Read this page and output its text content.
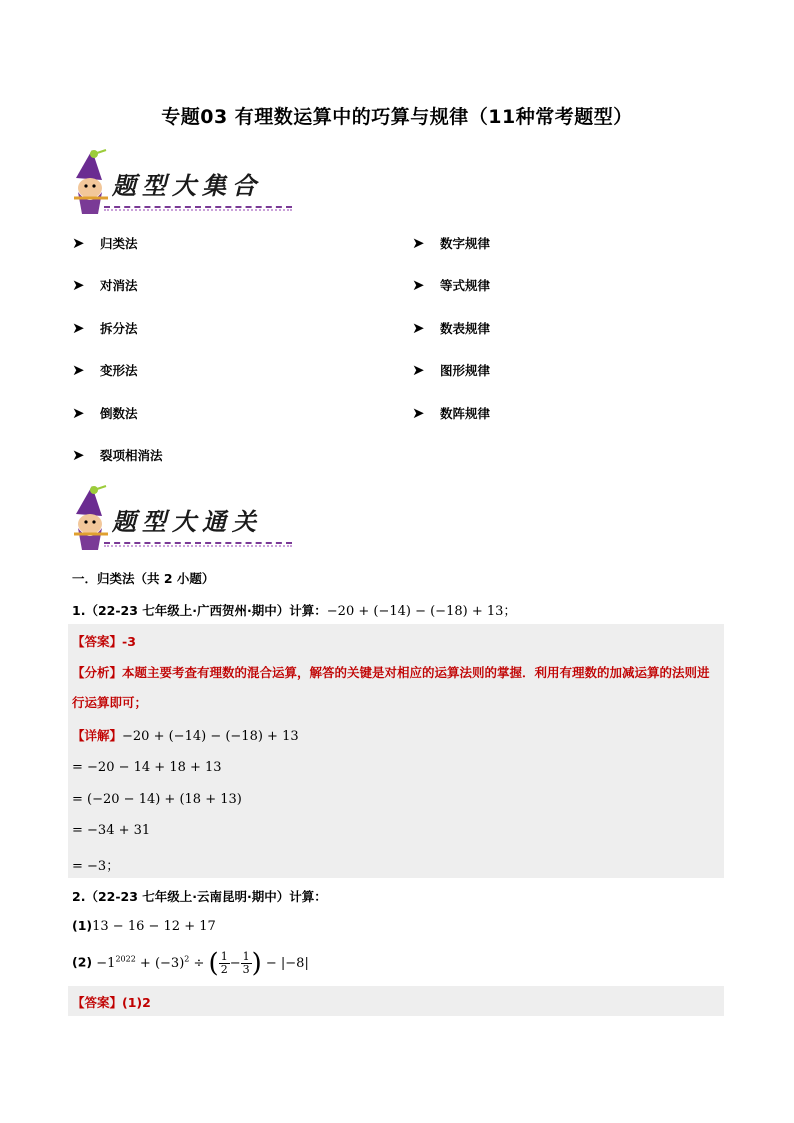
专题03 有理数运算中的巧算与规律（11种常考题型）
题型大集合
➤	归类法
➤	对消法
➤	拆分法
➤	变形法
➤	倒数法
➤	裂项相消法
➤	数字规律
➤	等式规律
➤	数表规律
➤	图形规律
➤	数阵规律
题型大通关
一．归类法（共 2 小题）
1.（22-23 七年级上·广西贺州·期中）计算：−20 + (−14) − (−18) + 13；
【答案】-3
【分析】本题主要考查有理数的混合运算，解答的关键是对相应的运算法则的掌握．利用有理数的加减运算的法则进行运算即可；
【详解】−20 + (−14) − (−18) + 13
= −20 − 14 + 18 + 13
= (−20 − 14) + (18 + 13)
= −34 + 31
= −3；
2.（22-23 七年级上·云南昆明·期中）计算：
(1)13 − 16 − 12 + 17
$(2) -1^{2022} + (-3)^2$ ÷ ( $\frac{1}{2} - \frac{1}{3}$ ) − |−8|
【答案】(1)2
